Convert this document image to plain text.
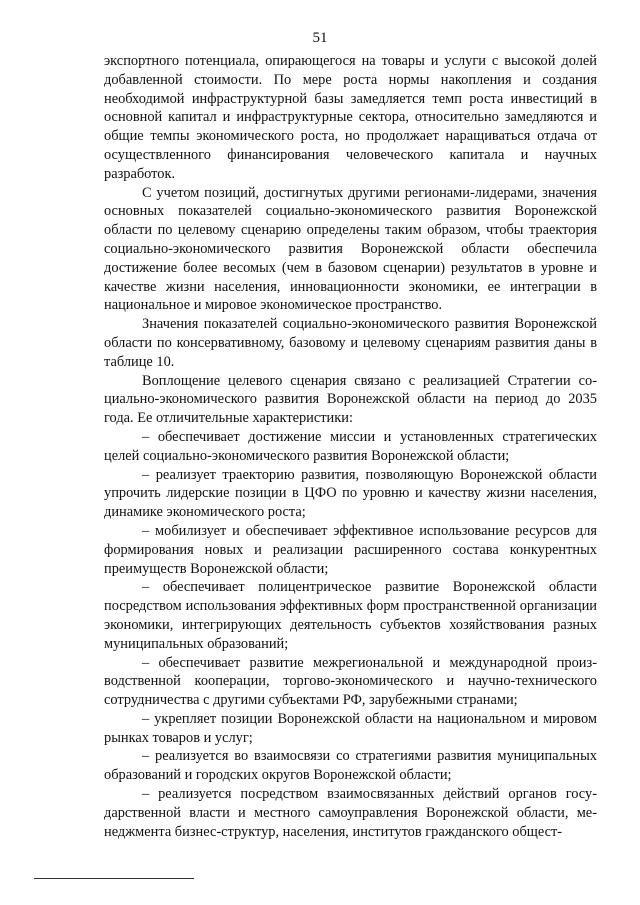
51

экспортного потенциала, опирающегося на товары и услуги с высокой долей добавленной стоимости. По мере роста нормы накопления и создания необходимой инфраструктурной базы замедляется темп роста инвестиций в основной капитал и инфраструктурные сектора, относительно замедляются и общие темпы экономического роста, но продолжает наращиваться отдача от осуществленного финансирования человеческого капитала и научных разработок.

С учетом позиций, достигнутых другими регионами-лидерами, значения основных показателей социально-экономического развития Воронежской области по целевому сценарию определены таким образом, чтобы траектория социально-экономического развития Воронежской области обеспечила достижение более весомых (чем в базовом сценарии) результатов в уровне и качестве жизни населения, инновационности экономики, ее интеграции в национальное и мировое экономическое пространство.

Значения показателей социально-экономического развития Воронежской области по консервативному, базовому и целевому сценариям развития даны в таблице 10.

Воплощение целевого сценария связано с реализацией Стратегии социально-экономического развития Воронежской области на период до 2035 года. Ее отличительные характеристики:

– обеспечивает достижение миссии и установленных стратегических целей социально-экономического развития Воронежской области;

– реализует траекторию развития, позволяющую Воронежской области упрочить лидерские позиции в ЦФО по уровню и качеству жизни населения, динамике экономического роста;

– мобилизует и обеспечивает эффективное использование ресурсов для формирования новых и реализации расширенного состава конкурентных преимуществ Воронежской области;

– обеспечивает полицентрическое развитие Воронежской области посредством использования эффективных форм пространственной организации экономики, интегрирующих деятельность субъектов хозяйствования разных муниципальных образований;

– обеспечивает развитие межрегиональной и международной производственной кооперации, торгово-экономического и научно-технического сотрудничества с другими субъектами РФ, зарубежными странами;

– укрепляет позиции Воронежской области на национальном и мировом рынках товаров и услуг;

– реализуется во взаимосвязи со стратегиями развития муниципальных образований и городских округов Воронежской области;

– реализуется посредством взаимосвязанных действий органов государственной власти и местного самоуправления Воронежской области, менеджмента бизнес-структур, населения, институтов гражданского общест-
